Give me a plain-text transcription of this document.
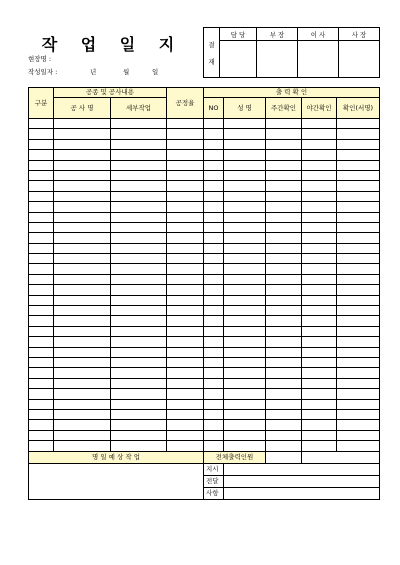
작 업 일 지
현장명 :
작성일자 :	년	월	일
결

재	담 당	부 장	이 사	사 장

구분	공종 및 공사내용		공정율	출 력 확 인				
	공 사 명	세부작업		NO	성 명	주간확인	야간확인	확인(서명)

명 일 예 상 작 업				전체출력인원				
				지시				
				전달				
				사항				
